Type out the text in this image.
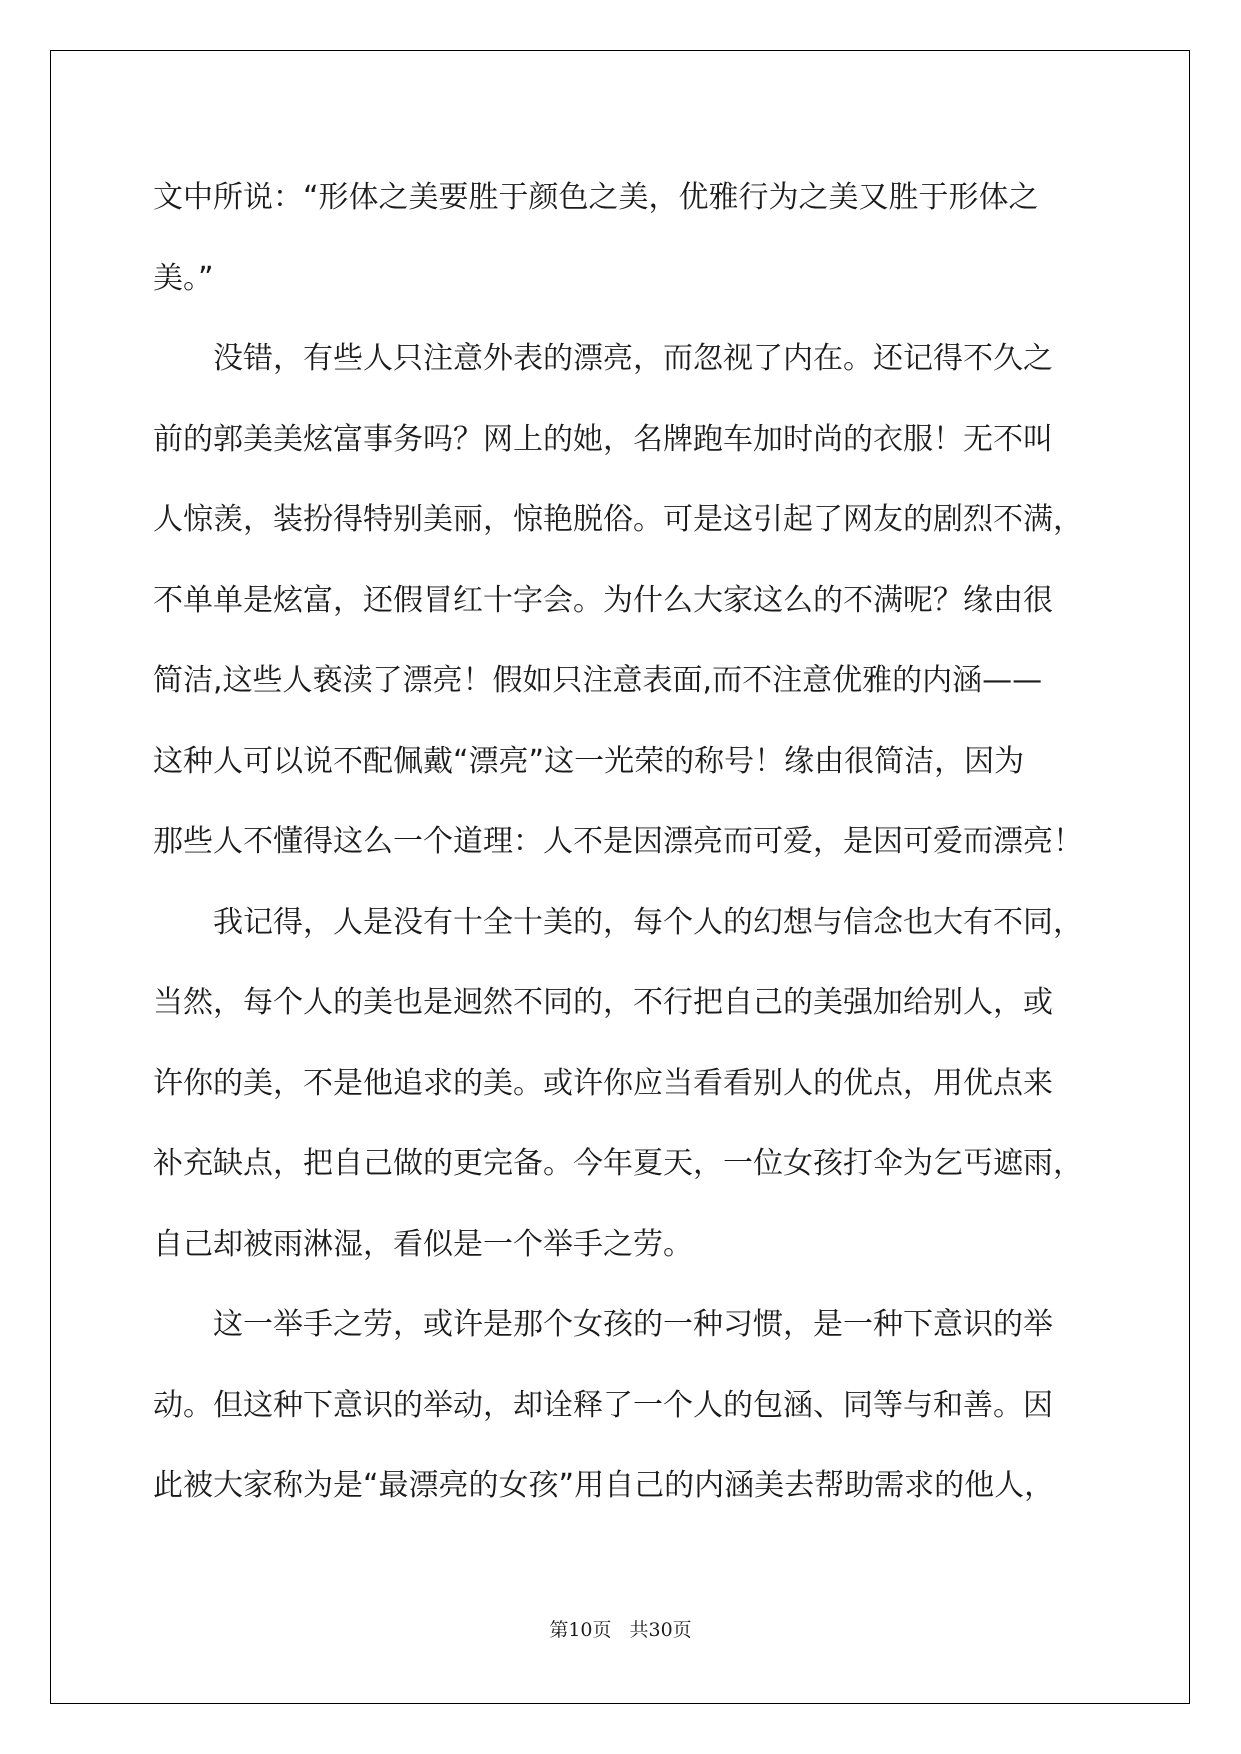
文中所说：“形体之美要胜于颜色之美，优雅行为之美又胜于形体之
美。”
没错，有些人只注意外表的漂亮，而忽视了内在。还记得不久之
前的郭美美炫富事务吗？网上的她，名牌跑车加时尚的衣服！无不叫
人惊羡，装扮得特别美丽，惊艳脱俗。可是这引起了网友的剧烈不满，
不单单是炫富，还假冒红十字会。为什么大家这么的不满呢？缘由很
简洁,这些人亵渎了漂亮！假如只注意表面,而不注意优雅的内涵——
这种人可以说不配佩戴“漂亮”这一光荣的称号！缘由很简洁，因为
那些人不懂得这么一个道理：人不是因漂亮而可爱，是因可爱而漂亮！
我记得，人是没有十全十美的，每个人的幻想与信念也大有不同，
当然，每个人的美也是迥然不同的，不行把自己的美强加给别人，或
许你的美，不是他追求的美。或许你应当看看别人的优点，用优点来
补充缺点，把自己做的更完备。今年夏天，一位女孩打伞为乞丐遮雨，
自己却被雨淋湿，看似是一个举手之劳。
这一举手之劳，或许是那个女孩的一种习惯，是一种下意识的举
动。但这种下意识的举动，却诠释了一个人的包涵、同等与和善。因
此被大家称为是“最漂亮的女孩”用自己的内涵美去帮助需求的他人，
第10页 共30页
